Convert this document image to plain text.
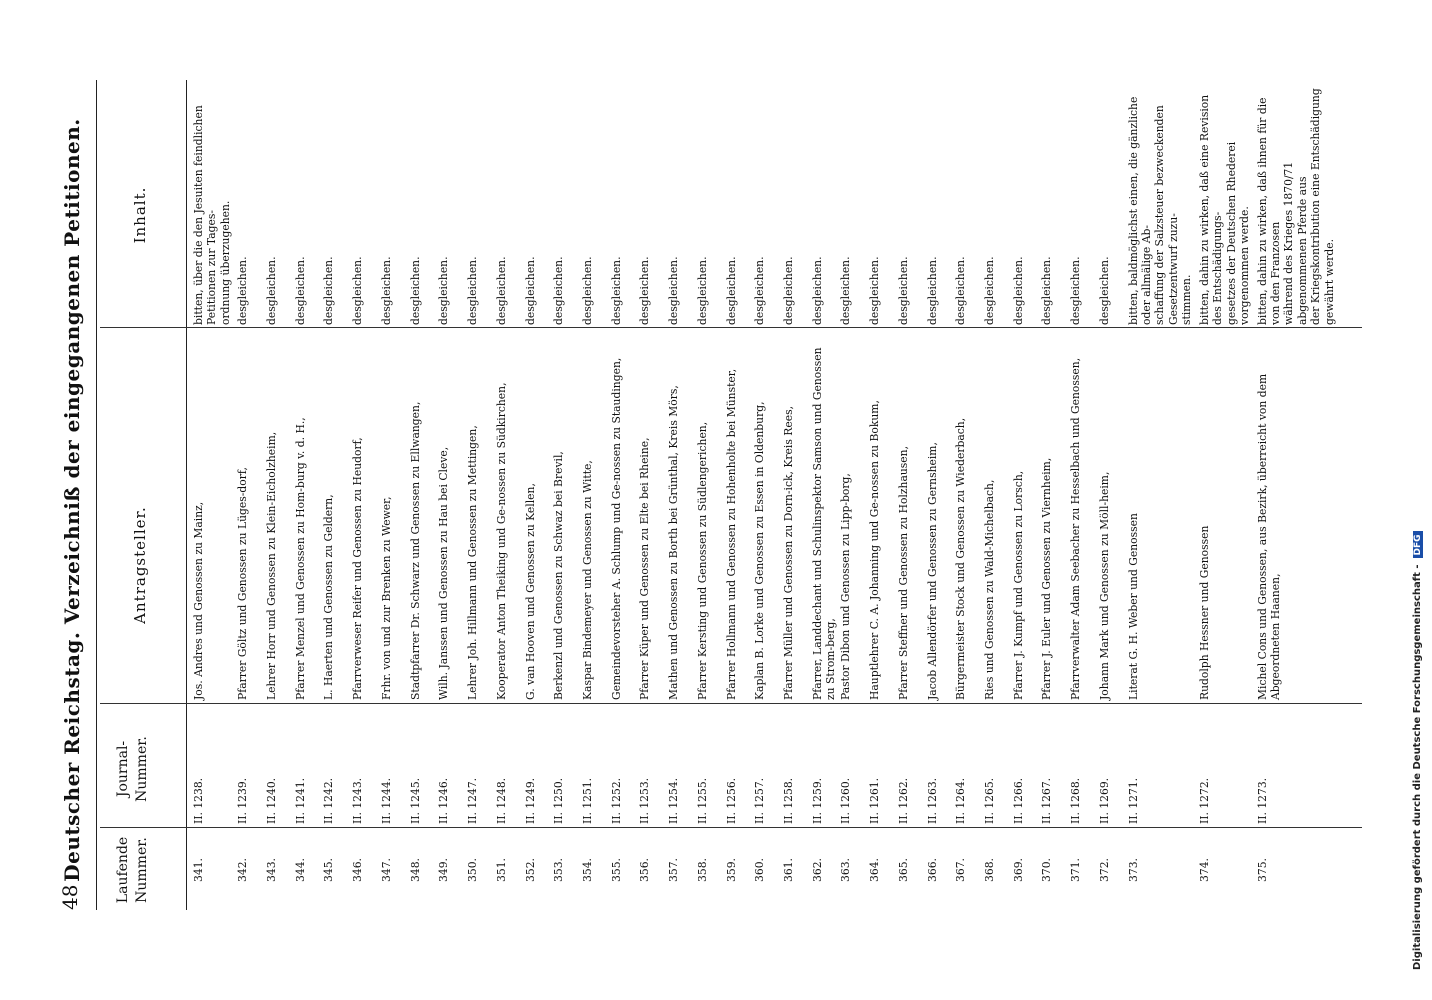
48
Deutscher Reichstag. Verzeichniß der eingegangenen Petitionen. Laufende Nummer.
Journal- Nummer.
Antragsteller.
Inhalt.
341.
II. 1238.
Jos. Andres und Genossen zu Mainz,
bitten, über die den Jesuiten feindlichen Petitionen zur Tages- ordnung überzugehen.
342.
II. 1239.
Pfarrer Göltz und Genossen zu Lüges-dorf,
desgleichen.
343.
II. 1240.
Lehrer Horr und Genossen zu Klein-Eicholzheim,
desgleichen.
344.
II. 1241.
Pfarrer Menzel und Genossen zu Hom-burg v. d. H.,
desgleichen.
345.
II. 1242.
L. Haerten und Genossen zu Geldern,
desgleichen.
346.
II. 1243.
Pfarrverweser Reifer und Genossen zu Heudorf,
desgleichen.
347.
II. 1244.
Frhr. von und zur Brenken zu Wewer,
desgleichen.
348.
II. 1245.
Stadtpfarrer Dr. Schwarz und Genossen zu Ellwangen,
desgleichen.
349.
II. 1246.
Wilh. Janssen und Genossen zu Hau bei Cleve,
desgleichen.
350.
II. 1247.
Lehrer Joh. Hillmann und Genossen zu Mettingen,
desgleichen.
351.
II. 1248.
Kooperator Anton Theiking und Ge-nossen zu Südkirchen,
desgleichen.
352.
II. 1249.
G. van Hooven und Genossen zu Kellen,
desgleichen.
353.
II. 1250.
Berkenzl und Genossen zu Schwaz bei Brevil,
desgleichen.
354.
II. 1251.
Kaspar Bindemeyer und Genossen zu Witte,
desgleichen.
355.
II. 1252.
Gemeindevorsteher A. Schlump und Ge-nossen zu Staudingen,
desgleichen.
356.
II. 1253.
Pfarrer Küper und Genossen zu Elte bei Rheine,
desgleichen.
357.
II. 1254.
Mathen und Genossen zu Borth bei Grünthal, Kreis Mörs,
desgleichen.
358.
II. 1255.
Pfarrer Kersting und Genossen zu Südlengerichen,
desgleichen.
359.
II. 1256.
Pfarrer Hollmann und Genossen zu Hohenholte bei Münster,
desgleichen.
360.
II. 1257.
Kaplan B. Lorke und Genossen zu Essen in Oldenburg,
desgleichen.
361.
II. 1258.
Pfarrer Müller und Genossen zu Dorn-ick, Kreis Rees,
desgleichen.
362.
II. 1259.
Pfarrer, Landdechant und Schulinspektor Samson und Genossen zu Strom-berg,
desgleichen.
363.
II. 1260.
Pastor Dibon und Genossen zu Lipp-borg,
desgleichen.
364.
II. 1261.
Hauptlehrer C. A. Johanning und Ge-nossen zu Bokum,
desgleichen.
365.
II. 1262.
Pfarrer Steffner und Genossen zu Holzhausen,
desgleichen.
366.
II. 1263.
Jacob Allendörfer und Genossen zu Gernsheim,
desgleichen.
367.
II. 1264.
Bürgermeister Stock und Genossen zu Wiederbach,
desgleichen.
368.
II. 1265.
Ries und Genossen zu Wald-Michelbach,
desgleichen.
369.
II. 1266.
Pfarrer J. Kumpf und Genossen zu Lorsch,
desgleichen.
370.
II. 1267.
Pfarrer J. Euler und Genossen zu Viernheim,
desgleichen.
371.
II. 1268.
Pfarrverwalter Adam Seebacher zu Hesselbach und Genossen,
desgleichen.
372.
II. 1269.
Johann Mark und Genossen zu Möll-heim,
desgleichen.
373.
II. 1271.
Literat G. H. Weber und Genossen
bitten, baldmöglichst einen, die gänzliche oder allmälige Ab- schaffung der Salzsteuer bezweckenden Gesetzentwurf zuzu- stimmen.
374.
II. 1272.
Rudolph Hessner und Genossen
bitten, dahin zu wirken, daß eine Revision des Entschädigungs- gesetzes der Deutschen Rhederei vorgenommen werde.
375.
II. 1273.
Michel Cons und Genossen, aus Bezirk, überreicht von dem Abgeordneten Haanen,
bitten, dahin zu wirken, daß ihnen für die von den Franzosen während des Krieges 1870/71 abgenommenen Pferde aus der Kriegskontribution eine Entschädigung gewährt werde.
Digitalisierung gefördert durch die Deutsche Forschungsgemeinschaft -DFG
